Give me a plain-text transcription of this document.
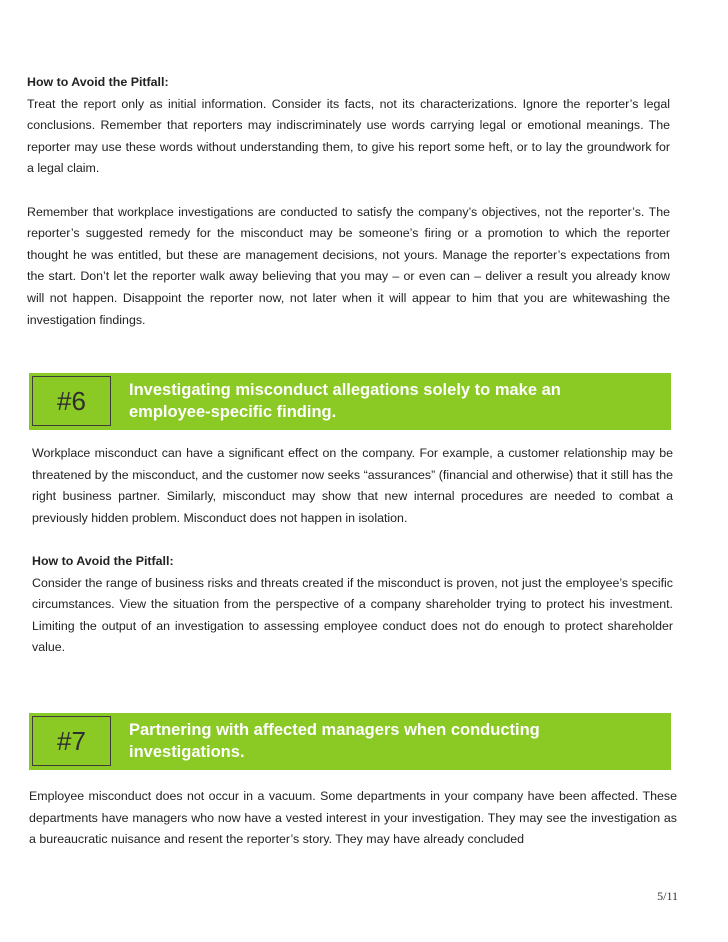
How to Avoid the Pitfall:

Treat the report only as initial information. Consider its facts, not its characterizations. Ignore the reporter’s legal conclusions. Remember that reporters may indiscriminately use words carrying legal or emotional meanings. The reporter may use these words without understanding them, to give his report some heft, or to lay the groundwork for a legal claim.

Remember that workplace investigations are conducted to satisfy the company’s objectives, not the reporter’s. The reporter’s suggested remedy for the misconduct may be someone’s firing or a promotion to which the reporter thought he was entitled, but these are management decisions, not yours. Manage the reporter’s expectations from the start. Don’t let the reporter walk away believing that you may – or even can – deliver a result you already know will not happen. Disappoint the reporter now, not later when it will appear to him that you are whitewashing the investigation findings.

#6	Investigating misconduct allegations solely to make an employee-specific finding.

Workplace misconduct can have a significant effect on the company. For example, a customer relationship may be threatened by the misconduct, and the customer now seeks “assurances” (financial and otherwise) that it still has the right business partner. Similarly, misconduct may show that new internal procedures are needed to combat a previously hidden problem. Misconduct does not happen in isolation.

How to Avoid the Pitfall:

Consider the range of business risks and threats created if the misconduct is proven, not just the employee’s specific circumstances. View the situation from the perspective of a company shareholder trying to protect his investment. Limiting the output of an investigation to assessing employee conduct does not do enough to protect shareholder value.

#7	Partnering with affected managers when conducting investigations.

Employee misconduct does not occur in a vacuum. Some departments in your company have been affected. These departments have managers who now have a vested interest in your investigation. They may see the investigation as a bureaucratic nuisance and resent the reporter’s story. They may have already concluded

5/11
